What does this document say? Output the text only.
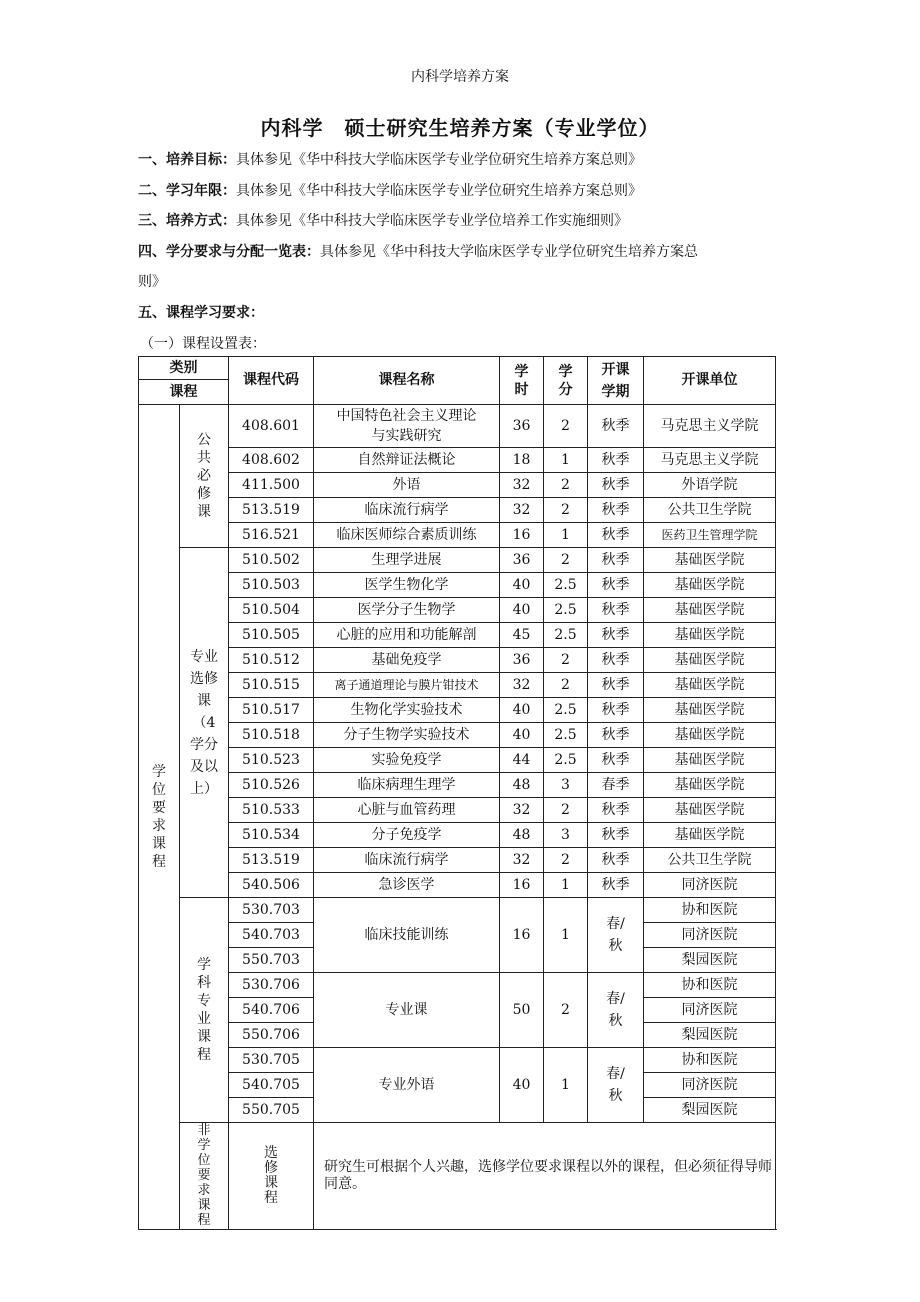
内科学培养方案
内科学　硕士研究生培养方案（专业学位）
一、培养目标：具体参见《华中科技大学临床医学专业学位研究生培养方案总则》
二、学习年限：具体参见《华中科技大学临床医学专业学位研究生培养方案总则》
三、培养方式：具体参见《华中科技大学临床医学专业学位培养工作实施细则》
四、学分要求与分配一览表：具体参见《华中科技大学临床医学专业学位研究生培养方案总
则》
五、课程学习要求：
（一）课程设置表：
类别		课程代码	课程名称	学时	学分	开课学期	开课单位
课程							
学位要求课程	公共必修课	408.601	中国特色社会主义理论与实践研究	36	2	秋季	马克思主义学院
		408.602	自然辩证法概论	18	1	秋季	马克思主义学院
		411.500	外语	32	2	秋季	外语学院
		513.519	临床流行病学	32	2	秋季	公共卫生学院
		516.521	临床医师综合素质训练	16	1	秋季	医药卫生管理学院
	专业选修课（4学分及以上）	510.502	生理学进展	36	2	秋季	基础医学院
		510.503	医学生物化学	40	2.5	秋季	基础医学院
		510.504	医学分子生物学	40	2.5	秋季	基础医学院
		510.505	心脏的应用和功能解剖	45	2.5	秋季	基础医学院
		510.512	基础免疫学	36	2	秋季	基础医学院
		510.515	离子通道理论与膜片钳技术	32	2	秋季	基础医学院
		510.517	生物化学实验技术	40	2.5	秋季	基础医学院
		510.518	分子生物学实验技术	40	2.5	秋季	基础医学院
		510.523	实验免疫学	44	2.5	秋季	基础医学院
		510.526	临床病理生理学	48	3	春季	基础医学院
		510.533	心脏与血管药理	32	2	秋季	基础医学院
		510.534	分子免疫学	48	3	秋季	基础医学院
		513.519	临床流行病学	32	2	秋季	公共卫生学院
		540.506	急诊医学	16	1	秋季	同济医院
	学科专业课程	530.703	临床技能训练	16	1	春/秋	协和医院
		540.703					同济医院
		550.703					梨园医院
		530.706	专业课	50	2	春/秋	协和医院
		540.706					同济医院
		550.706					梨园医院
		530.705	专业外语	40	1	春/秋	协和医院
		540.705					同济医院
		550.705					梨园医院
	非学位要求课程	选修课程	研究生可根据个人兴趣，选修学位要求课程以外的课程，但必须征得导师同意。				
